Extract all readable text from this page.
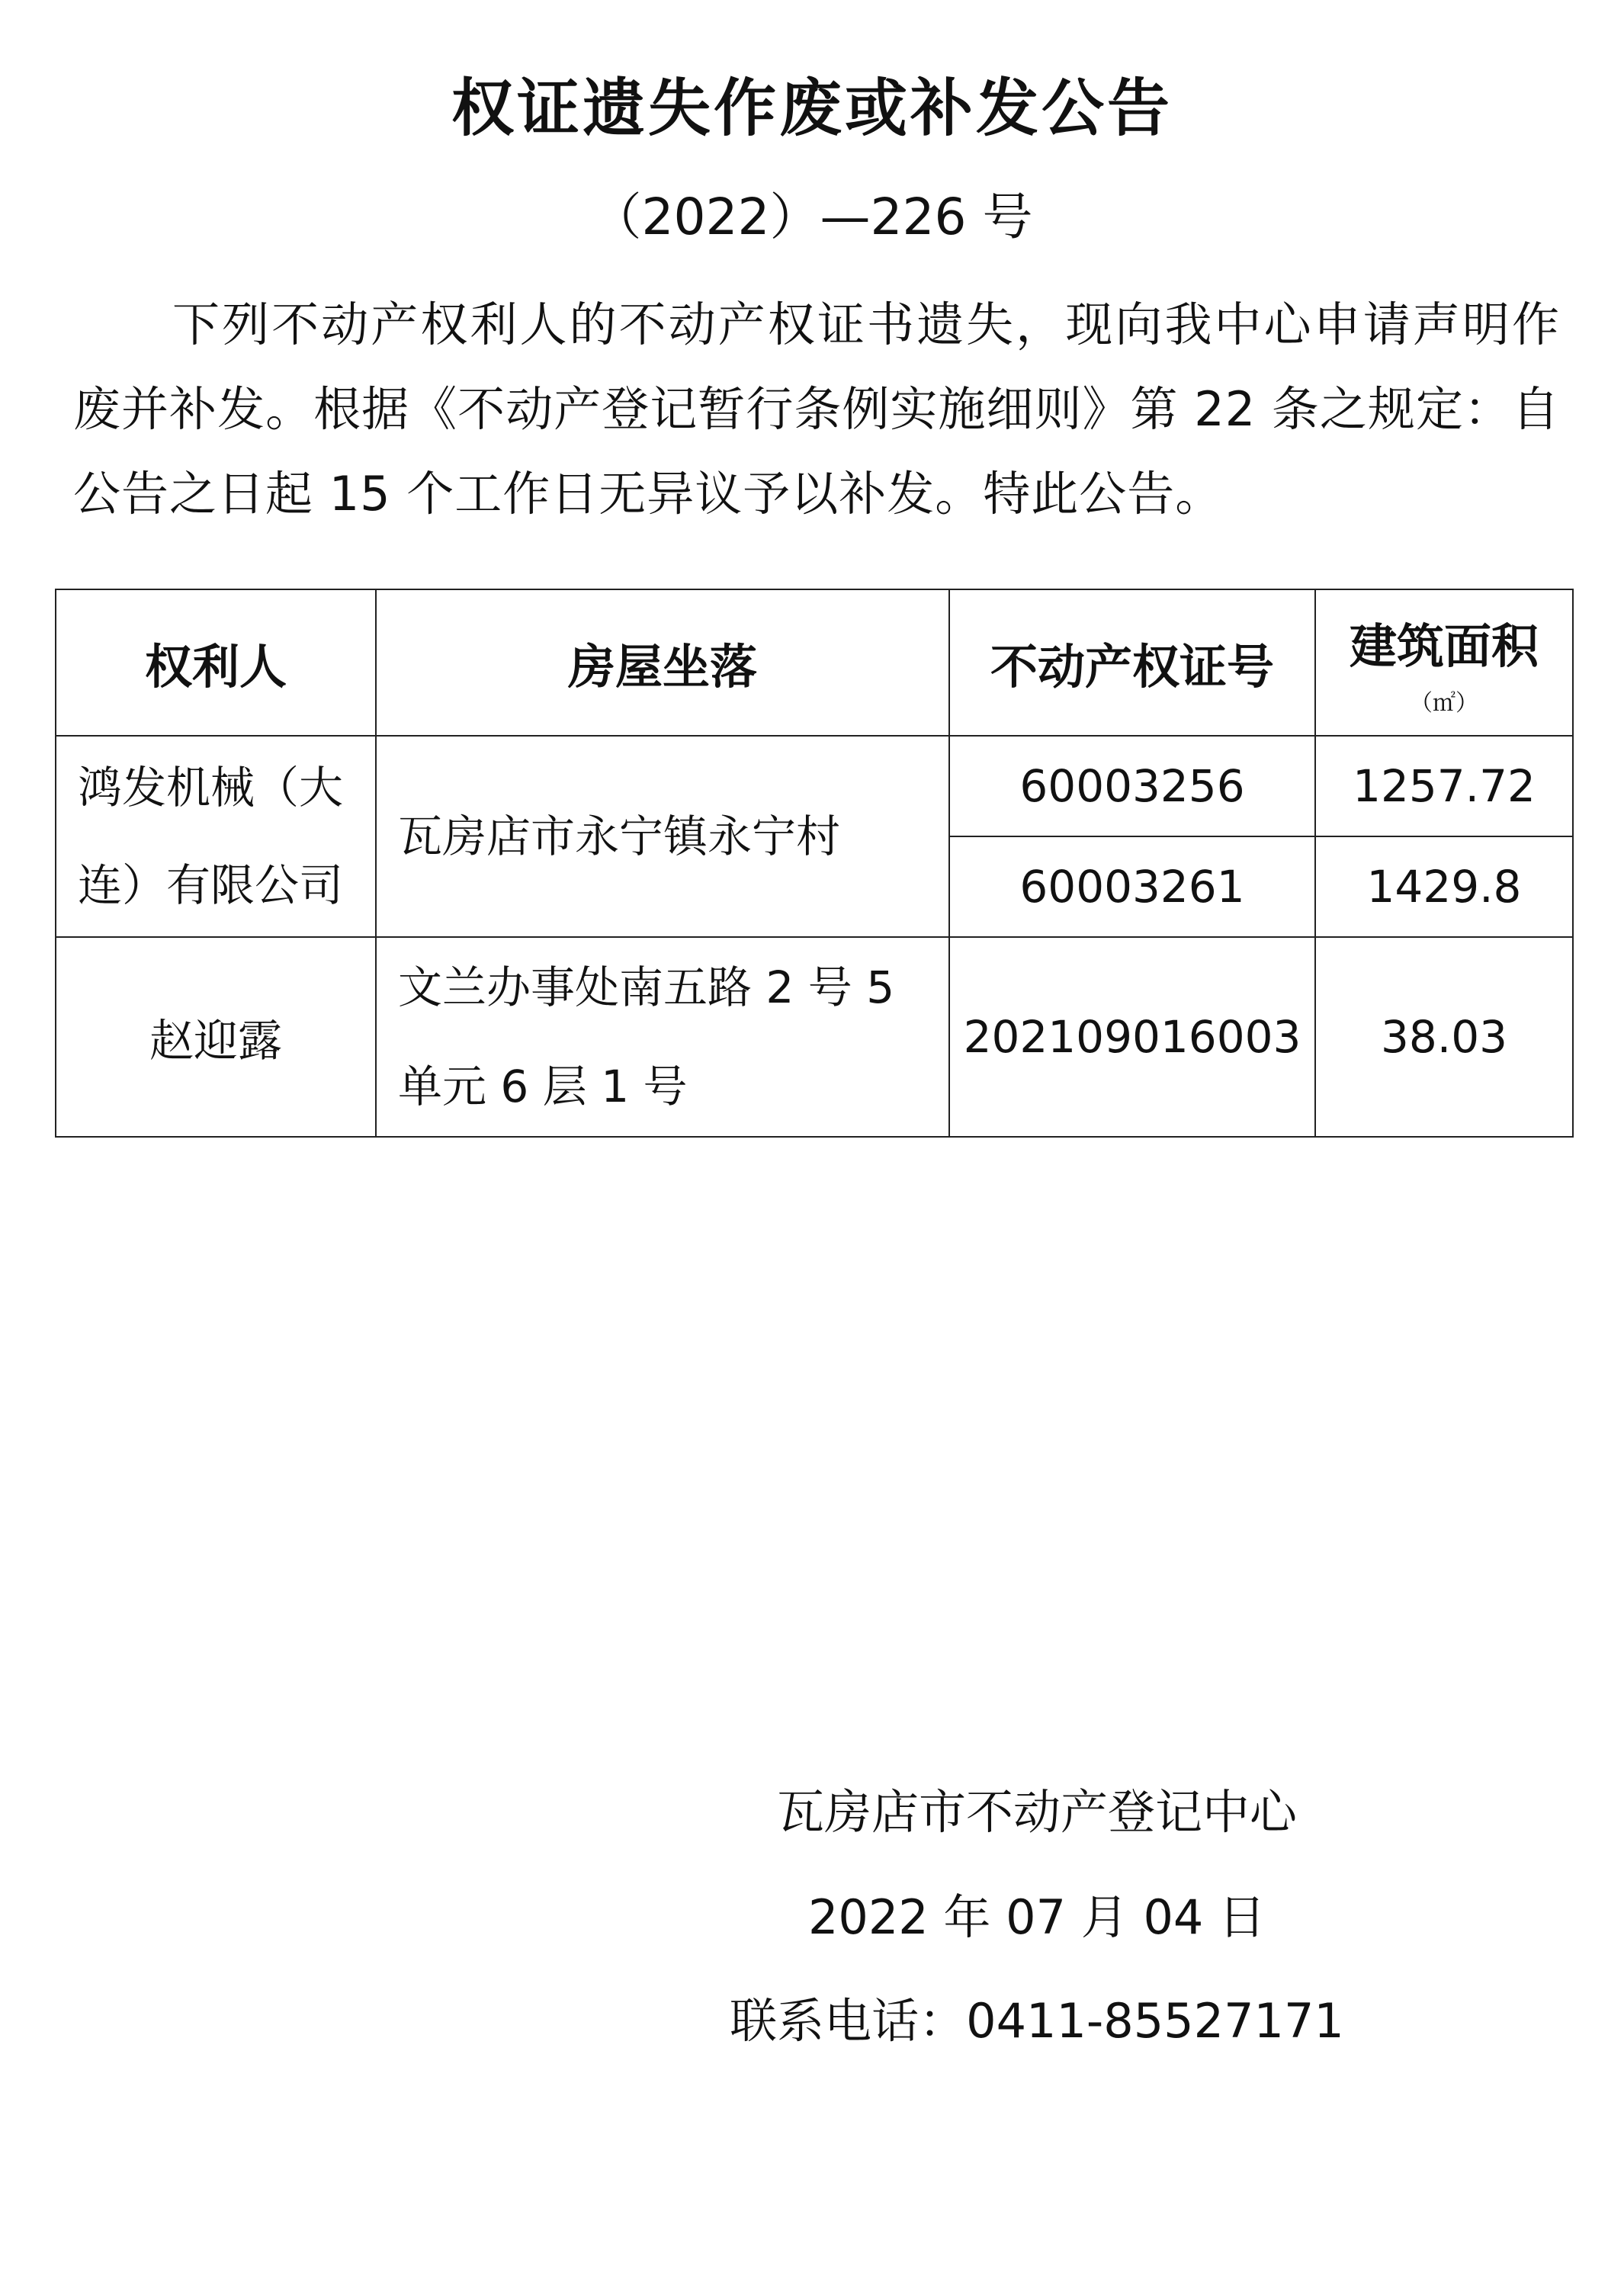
权证遗失作废或补发公告
（2022）—226 号
下列不动产权利人的不动产权证书遗失，现向我中心申请声明作废并补发。根据《不动产登记暂行条例实施细则》第 22 条之规定：自公告之日起 15 个工作日无异议予以补发。特此公告。
权利人	房屋坐落	不动产权证号	建筑面积
（㎡）

鸿发机械（大连）有限公司	瓦房店市永宁镇永宁村	60003256	1257.72
		60003261	1429.8
赵迎露	文兰办事处南五路 2 号 5 单元 6 层 1 号	202109016003	38.03
瓦房店市不动产登记中心
2022 年 07 月 04 日
联系电话：0411-85527171
